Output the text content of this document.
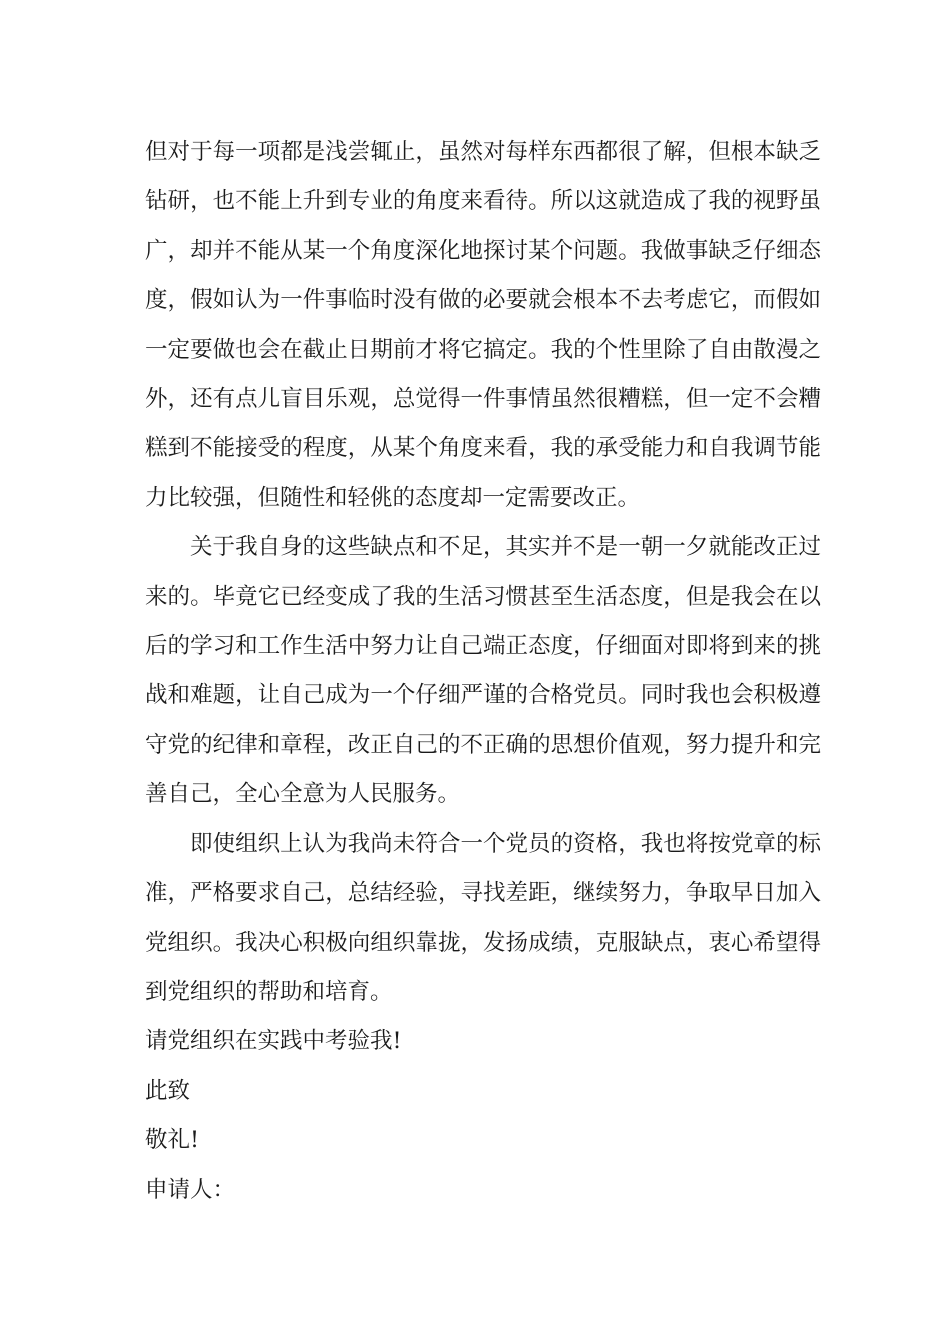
但对于每一项都是浅尝辄止，虽然对每样东西都很了解，但根本缺乏钻研，也不能上升到专业的角度来看待。所以这就造成了我的视野虽广，却并不能从某一个角度深化地探讨某个问题。我做事缺乏仔细态度，假如认为一件事临时没有做的必要就会根本不去考虑它，而假如一定要做也会在截止日期前才将它搞定。我的个性里除了自由散漫之外，还有点儿盲目乐观，总觉得一件事情虽然很糟糕，但一定不会糟糕到不能接受的程度，从某个角度来看，我的承受能力和自我调节能力比较强，但随性和轻佻的态度却一定需要改正。

关于我自身的这些缺点和不足，其实并不是一朝一夕就能改正过来的。毕竟它已经变成了我的生活习惯甚至生活态度，但是我会在以后的学习和工作生活中努力让自己端正态度，仔细面对即将到来的挑战和难题，让自己成为一个仔细严谨的合格党员。同时我也会积极遵守党的纪律和章程，改正自己的不正确的思想价值观，努力提升和完善自己，全心全意为人民服务。

即使组织上认为我尚未符合一个党员的资格，我也将按党章的标准，严格要求自己，总结经验，寻找差距，继续努力，争取早日加入党组织。我决心积极向组织靠拢，发扬成绩，克服缺点，衷心希望得到党组织的帮助和培育。

请党组织在实践中考验我!

此致

敬礼!

申请人：
